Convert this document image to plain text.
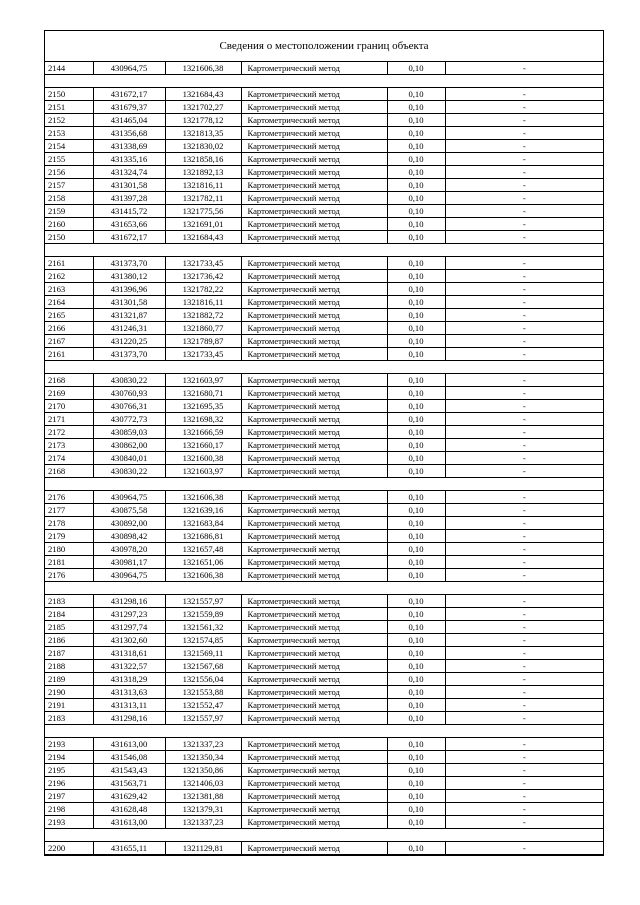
Сведения о местоположении границ объекта
2144	430964,75	1321606,38	Картометрический метод	0,10	-

2150	431672,17	1321684,43	Картометрический метод	0,10	-
2151	431679,37	1321702,27	Картометрический метод	0,10	-
2152	431465,04	1321778,12	Картометрический метод	0,10	-
2153	431356,68	1321813,35	Картометрический метод	0,10	-
2154	431338,69	1321830,02	Картометрический метод	0,10	-
2155	431335,16	1321858,16	Картометрический метод	0,10	-
2156	431324,74	1321892,13	Картометрический метод	0,10	-
2157	431301,58	1321816,11	Картометрический метод	0,10	-
2158	431397,28	1321782,11	Картометрический метод	0,10	-
2159	431415,72	1321775,56	Картометрический метод	0,10	-
2160	431653,66	1321691,01	Картометрический метод	0,10	-
2150	431672,17	1321684,43	Картометрический метод	0,10	-

2161	431373,70	1321733,45	Картометрический метод	0,10	-
2162	431380,12	1321736,42	Картометрический метод	0,10	-
2163	431396,96	1321782,22	Картометрический метод	0,10	-
2164	431301,58	1321816,11	Картометрический метод	0,10	-
2165	431321,87	1321882,72	Картометрический метод	0,10	-
2166	431246,31	1321860,77	Картометрический метод	0,10	-
2167	431220,25	1321789,87	Картометрический метод	0,10	-
2161	431373,70	1321733,45	Картометрический метод	0,10	-

2168	430830,22	1321603,97	Картометрический метод	0,10	-
2169	430760,93	1321680,71	Картометрический метод	0,10	-
2170	430766,31	1321695,35	Картометрический метод	0,10	-
2171	430772,73	1321698,32	Картометрический метод	0,10	-
2172	430859,03	1321666,59	Картометрический метод	0,10	-
2173	430862,00	1321660,17	Картометрический метод	0,10	-
2174	430840,01	1321600,38	Картометрический метод	0,10	-
2168	430830,22	1321603,97	Картометрический метод	0,10	-

2176	430964,75	1321606,38	Картометрический метод	0,10	-
2177	430875,58	1321639,16	Картометрический метод	0,10	-
2178	430892,00	1321683,84	Картометрический метод	0,10	-
2179	430898,42	1321686,81	Картометрический метод	0,10	-
2180	430978,20	1321657,48	Картометрический метод	0,10	-
2181	430981,17	1321651,06	Картометрический метод	0,10	-
2176	430964,75	1321606,38	Картометрический метод	0,10	-

2183	431298,16	1321557,97	Картометрический метод	0,10	-
2184	431297,23	1321559,89	Картометрический метод	0,10	-
2185	431297,74	1321561,32	Картометрический метод	0,10	-
2186	431302,60	1321574,85	Картометрический метод	0,10	-
2187	431318,61	1321569,11	Картометрический метод	0,10	-
2188	431322,57	1321567,68	Картометрический метод	0,10	-
2189	431318,29	1321556,04	Картометрический метод	0,10	-
2190	431313,63	1321553,88	Картометрический метод	0,10	-
2191	431313,11	1321552,47	Картометрический метод	0,10	-
2183	431298,16	1321557,97	Картометрический метод	0,10	-

2193	431613,00	1321337,23	Картометрический метод	0,10	-
2194	431546,08	1321350,34	Картометрический метод	0,10	-
2195	431543,43	1321350,86	Картометрический метод	0,10	-
2196	431563,71	1321406,03	Картометрический метод	0,10	-
2197	431629,42	1321381,88	Картометрический метод	0,10	-
2198	431628,48	1321379,31	Картометрический метод	0,10	-
2193	431613,00	1321337,23	Картометрический метод	0,10	-

2200	431655,11	1321129,81	Картометрический метод	0,10	-
